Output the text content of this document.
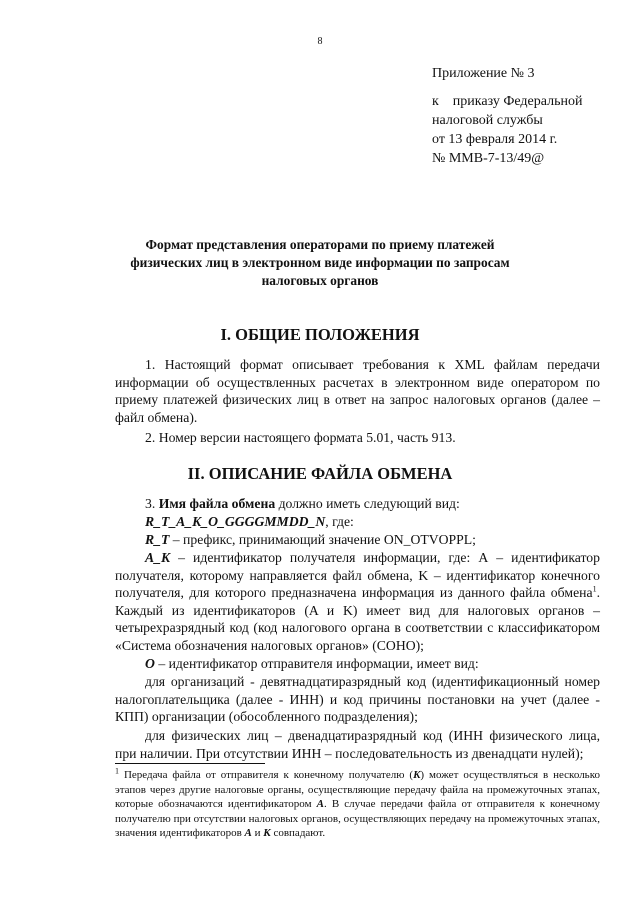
8
Приложение № 3
к    приказу Федеральной
налоговой службы
от 13 февраля 2014 г.
№ ММВ-7-13/49@
Формат представления операторами по приему платежей физических лиц в электронном виде информации по запросам налоговых органов
I. ОБЩИЕ ПОЛОЖЕНИЯ
1. Настоящий формат описывает требования к XML файлам передачи информации об осуществленных расчетах в электронном виде оператором по приему платежей физических лиц в ответ на запрос налоговых органов (далее – файл обмена).
2. Номер версии настоящего формата 5.01, часть 913.
II. ОПИСАНИЕ ФАЙЛА ОБМЕНА
3. Имя файла обмена должно иметь следующий вид:
R_T_A_K_O_GGGGMMDD_N, где:
R_T – префикс, принимающий значение ON_OTVOPPL;
A_K – идентификатор получателя информации, где: А – идентификатор получателя, которому направляется файл обмена, K – идентификатор конечного получателя, для которого предназначена информация из данного файла обмена$^1$. Каждый из идентификаторов (A и K) имеет вид для налоговых органов – четырехразрядный код (код налогового органа в соответствии с классификатором «Система обозначения налоговых органов» (СОНО);
O – идентификатор отправителя информации, имеет вид:
для организаций - девятнадцатиразрядный код (идентификационный номер налогоплательщика (далее - ИНН) и код причины постановки на учет (далее - КПП) организации (обособленного подразделения);
для физических лиц – двенадцатиразрядный код (ИНН физического лица, при наличии. При отсутствии ИНН – последовательность из двенадцати нулей);
$^1$ Передача файла от отправителя к конечному получателю (K) может осуществляться в несколько этапов через другие налоговые органы, осуществляющие передачу файла на промежуточных этапах, которые обозначаются идентификатором А. В случае передачи файла от отправителя к конечному получателю при отсутствии налоговых органов, осуществляющих передачу на промежуточных этапах, значения идентификаторов А и К совпадают.
